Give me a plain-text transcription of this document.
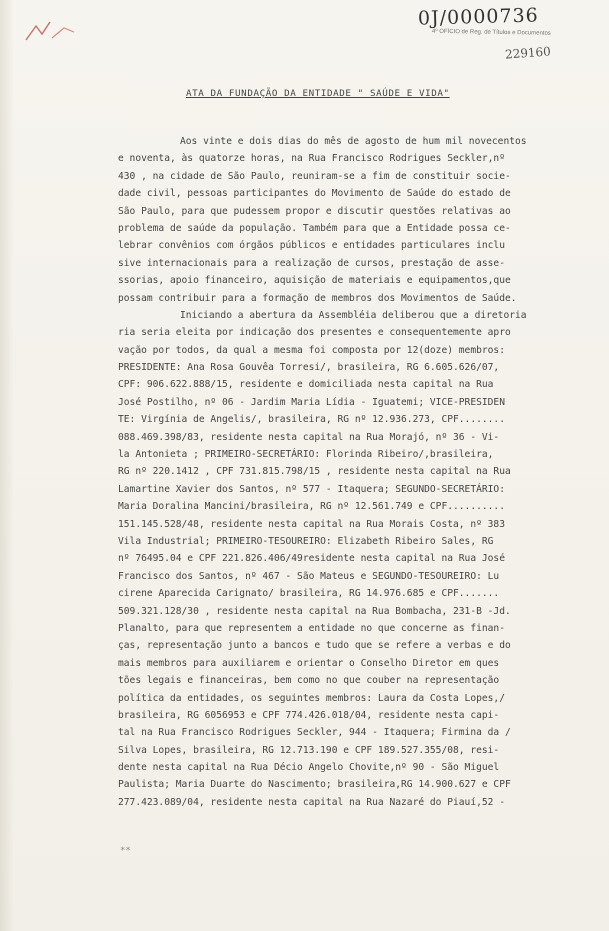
0J/0000736
4º OFÍCIO de Reg. de Títulos e Documentos
229160
ATA DA FUNDAÇÃO DA ENTIDADE " SAÚDE E VIDA"
Aos vinte e dois dias do mês de agosto de hum mil novecentos
e noventa, às quatorze horas, na Rua Francisco Rodrigues Seckler,nº
430 , na cidade de São Paulo, reuniram-se a fim de constituir socie-
dade civil, pessoas participantes do Movimento de Saúde do estado de
São Paulo, para que pudessem propor e discutir questões relativas ao
problema de saúde da população. Também para que a Entidade possa ce-
lebrar convênios com órgãos públicos e entidades particulares inclu
sive internacionais para a realização de cursos, prestação de asse-
ssorias, apoio financeiro, aquisição de materiais e equipamentos,que
possam contribuir para a formação de membros dos Movimentos de Saúde.
Iniciando a abertura da Assembléia deliberou que a diretoria
ria seria eleita por indicação dos presentes e consequentemente apro
vação por todos, da qual a mesma foi composta por 12(doze) membros:
PRESIDENTE: Ana Rosa Gouvêa Torresi/, brasileira, RG 6.605.626/07,
CPF: 906.622.888/15, residente e domiciliada nesta capital na Rua
José Postilho, nº 06 - Jardim Maria Lídia - Iguatemi; VICE-PRESIDEN
TE: Virgínia de Angelis/, brasileira, RG nº 12.936.273, CPF........
088.469.398/83, residente nesta capital na Rua Morajó, nº 36 - Vi-
la Antonieta ; PRIMEIRO-SECRETÁRIO: Florinda Ribeiro/,brasileira,
RG nº 220.1412 , CPF 731.815.798/15 , residente nesta capital na Rua
Lamartine Xavier dos Santos, nº 577 - Itaquera; SEGUNDO-SECRETÁRIO:
Maria Doralina Mancini/brasileira, RG nº 12.561.749 e CPF..........
151.145.528/48, residente nesta capital na Rua Morais Costa, nº 383
Vila Industrial; PRIMEIRO-TESOUREIRO: Elizabeth Ribeiro Sales, RG
nº 76495.04 e CPF 221.826.406/49residente nesta capital na Rua José
Francisco dos Santos, nº 467 - São Mateus e SEGUNDO-TESOUREIRO: Lu
cirene Aparecida Carignato/ brasileira, RG 14.976.685 e CPF.......
509.321.128/30 , residente nesta capital na Rua Bombacha, 231-B -Jd.
Planalto, para que representem a entidade no que concerne as finan-
ças, representação junto a bancos e tudo que se refere a verbas e do
mais membros para auxiliarem e orientar o Conselho Diretor em ques
tões legais e financeiras, bem como no que couber na representação
política da entidades, os seguintes membros: Laura da Costa Lopes,/
brasileira, RG 6056953 e CPF 774.426.018/04, residente nesta capi-
tal na Rua Francisco Rodrigues Seckler, 944 - Itaquera; Firmina da /
Silva Lopes, brasileira, RG 12.713.190 e CPF 189.527.355/08, resi-
dente nesta capital na Rua Décio Angelo Chovite,nº 90 - São Miguel
Paulista; Maria Duarte do Nascimento; brasileira,RG 14.900.627 e CPF
277.423.089/04, residente nesta capital na Rua Nazaré do Piauí,52 -
**
